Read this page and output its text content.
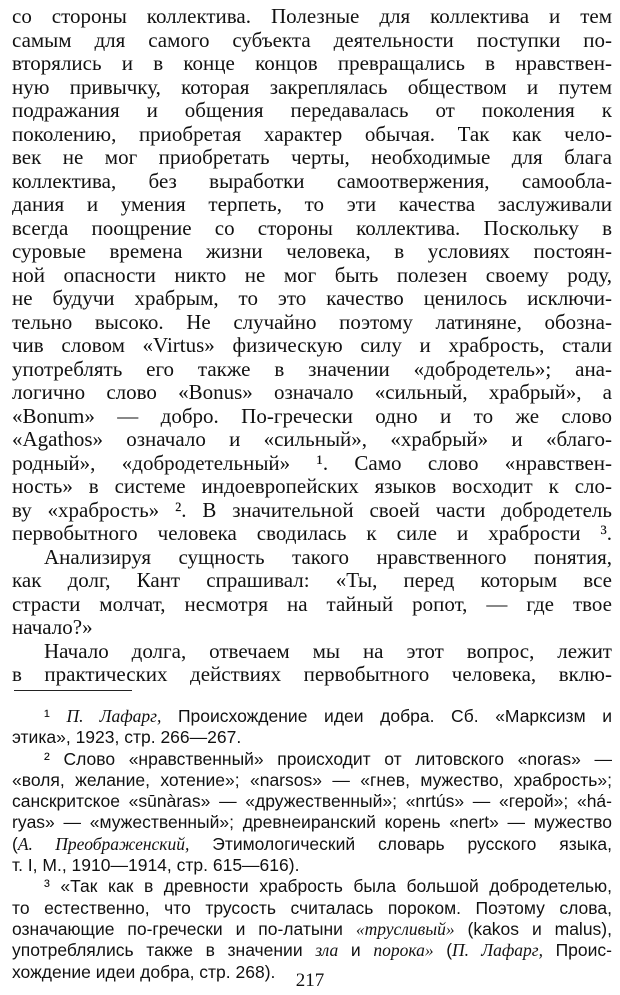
со стороны коллектива. Полезные для коллектива и тем
самым для самого субъекта деятельности поступки по-
вторялись и в конце концов превращались в нравствен-
ную привычку, которая закреплялась обществом и путем
подражания и общения передавалась от поколения к
поколению, приобретая характер обычая. Так как чело-
век не мог приобретать черты, необходимые для блага
коллектива, без выработки самоотвержения, самообла-
дания и умения терпеть, то эти качества заслуживали
всегда поощрение со стороны коллектива. Поскольку в
суровые времена жизни человека, в условиях постоян-
ной опасности никто не мог быть полезен своему роду,
не будучи храбрым, то это качество ценилось исключи-
тельно высоко. Не случайно поэтому латиняне, обозна-
чив словом «Virtus» физическую силу и храбрость, стали
употреблять его также в значении «добродетель»; ана-
логично слово «Bonus» означало «сильный, храбрый», а
«Bonum» — добро. По-гречески одно и то же слово
«Agathos» означало и «сильный», «храбрый» и «благо-
родный», «добродетельный» ¹. Само слово «нравствен-
ность» в системе индоевропейских языков восходит к сло-
ву «храбрость» ². В значительной своей части добродетель
первобытного человека сводилась к силе и храбрости ³.
Анализируя сущность такого нравственного понятия,
как долг, Кант спрашивал: «Ты, перед которым все
страсти молчат, несмотря на тайный ропот, — где твое
начало?»
Начало долга, отвечаем мы на этот вопрос, лежит
в практических действиях первобытного человека, вклю-
¹ П. Лафарг, Происхождение идеи добра. Сб. «Марксизм и
этика», 1923, стр. 266—267.
² Слово «нравственный» происходит от литовского «noras» —
«воля, желание, хотение»; «narsos» — «гнев, мужество, храбрость»;
санскритское «sūnàras» — «дружественный»; «nrtús» — «герой»; «há-
ryas» — «мужественный»; древнеиранский корень «nert» — мужество
(А. Преображенский, Этимологический словарь русского языка,
т. I, М., 1910—1914, стр. 615—616).
³ «Так как в древности храбрость была большой добродетелью,
то естественно, что трусость считалась пороком. Поэтому слова,
означающие по-гречески и по-латыни «трусливый» (kakos и malus),
употреблялись также в значении зла и порока» (П. Лафарг, Проис-
хождение идеи добра, стр. 268).	217
